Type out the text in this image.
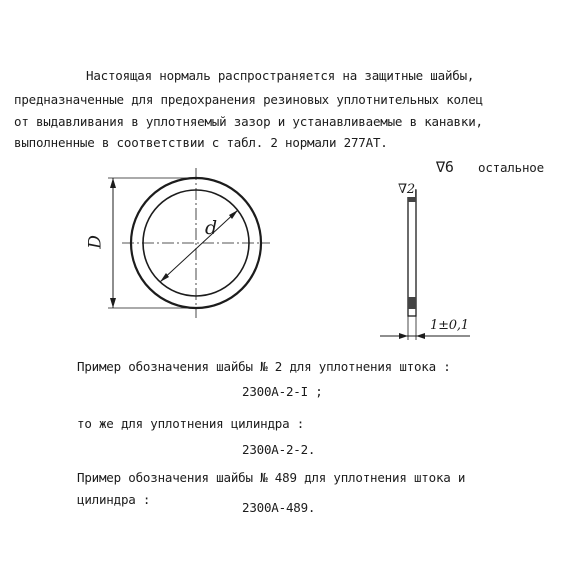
Настоящая нормаль распространяется на защитные шайбы,
предназначенные для предохранения резиновых уплотнительных колец
от выдавливания в уплотняемый зазор и устанавливаемые в канавки,
выполненные в соответствии с табл. 2 нормали 277АТ.
∇6 остальное
D
d
∇2
1±0,1
Пример обозначения шайбы № 2 для уплотнения штока :
2300А-2-I ;
то же для уплотнения цилиндра :
2300А-2-2.
Пример обозначения шайбы № 489 для уплотнения штока и
цилиндра :
2300А-489.
